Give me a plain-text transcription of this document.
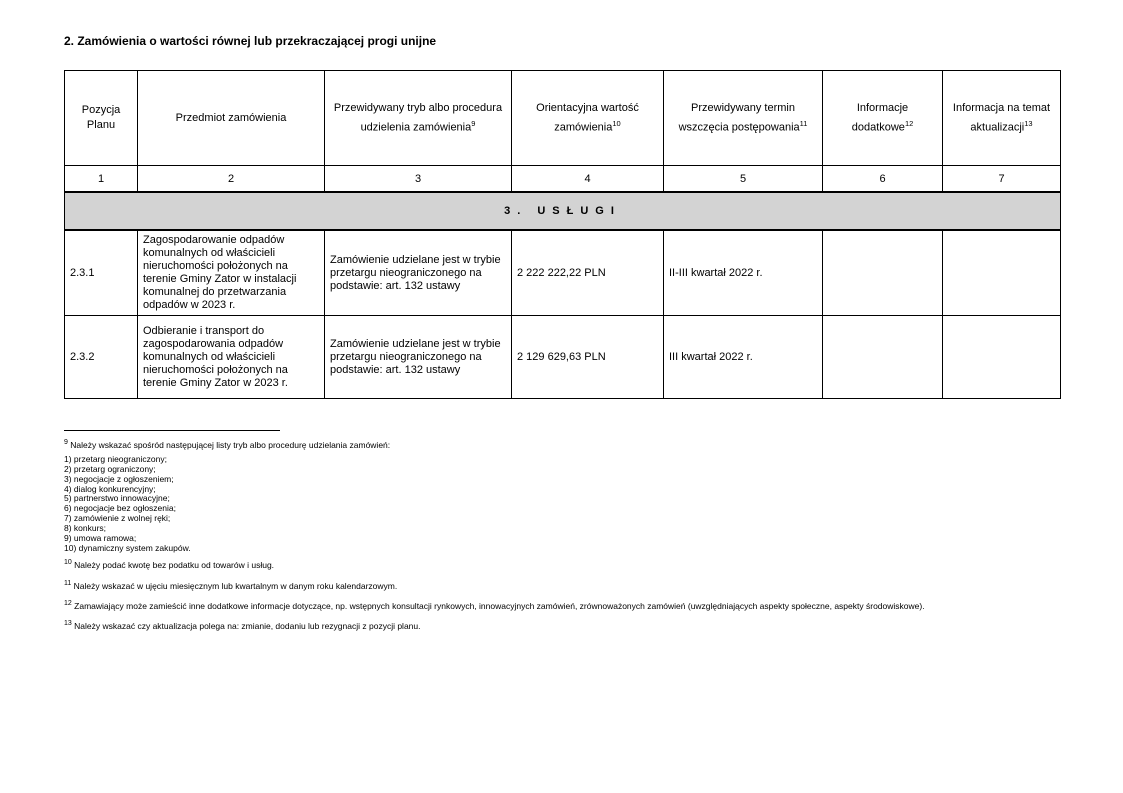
2. Zamówienia o wartości równej lub przekraczającej progi unijne
Pozycja Planu	Przedmiot zamówienia	Przewidywany tryb albo procedura udzielenia zamówienia$^9$	Orientacyjna wartość zamówienia$^{10}$	Przewidywany termin wszczęcia postępowania$^{11}$	Informacje dodatkowe$^{12}$	Informacja na temat aktualizacji$^{13}$
1	2	3	4	5	6	7
3. USŁUGI						
2.3.1	Zagospodarowanie odpadów komunalnych od właścicieli nieruchomości położonych na terenie Gminy Zator w instalacji komunalnej do przetwarzania odpadów w 2023 r.	Zamówienie udzielane jest w trybie przetargu nieograniczonego na podstawie: art. 132 ustawy	2 222 222,22 PLN	II-III kwartał 2022 r.		
2.3.2	Odbieranie i transport do zagospodarowania odpadów komunalnych od właścicieli nieruchomości położonych na terenie Gminy Zator w 2023 r.	Zamówienie udzielane jest w trybie przetargu nieograniczonego na podstawie: art. 132 ustawy	2 129 629,63 PLN	III kwartał 2022 r.		

$^9$ Należy wskazać spośród następującej listy tryb albo procedurę udzielania zamówień:

1) przetarg nieograniczony;
2) przetarg ograniczony;
3) negocjacje z ogłoszeniem;
4) dialog konkurencyjny;
5) partnerstwo innowacyjne;
6) negocjacje bez ogłoszenia;
7) zamówienie z wolnej ręki;
8) konkurs;
9) umowa ramowa;
10) dynamiczny system zakupów.

$^{10}$ Należy podać kwotę bez podatku od towarów i usług.

$^{11}$ Należy wskazać w ujęciu miesięcznym lub kwartalnym w danym roku kalendarzowym.

$^{12}$ Zamawiający może zamieścić inne dodatkowe informacje dotyczące, np. wstępnych konsultacji rynkowych, innowacyjnych zamówień, zrównoważonych zamówień (uwzględniających aspekty społeczne, aspekty środowiskowe).

$^{13}$ Należy wskazać czy aktualizacja polega na: zmianie, dodaniu lub rezygnacji z pozycji planu.
